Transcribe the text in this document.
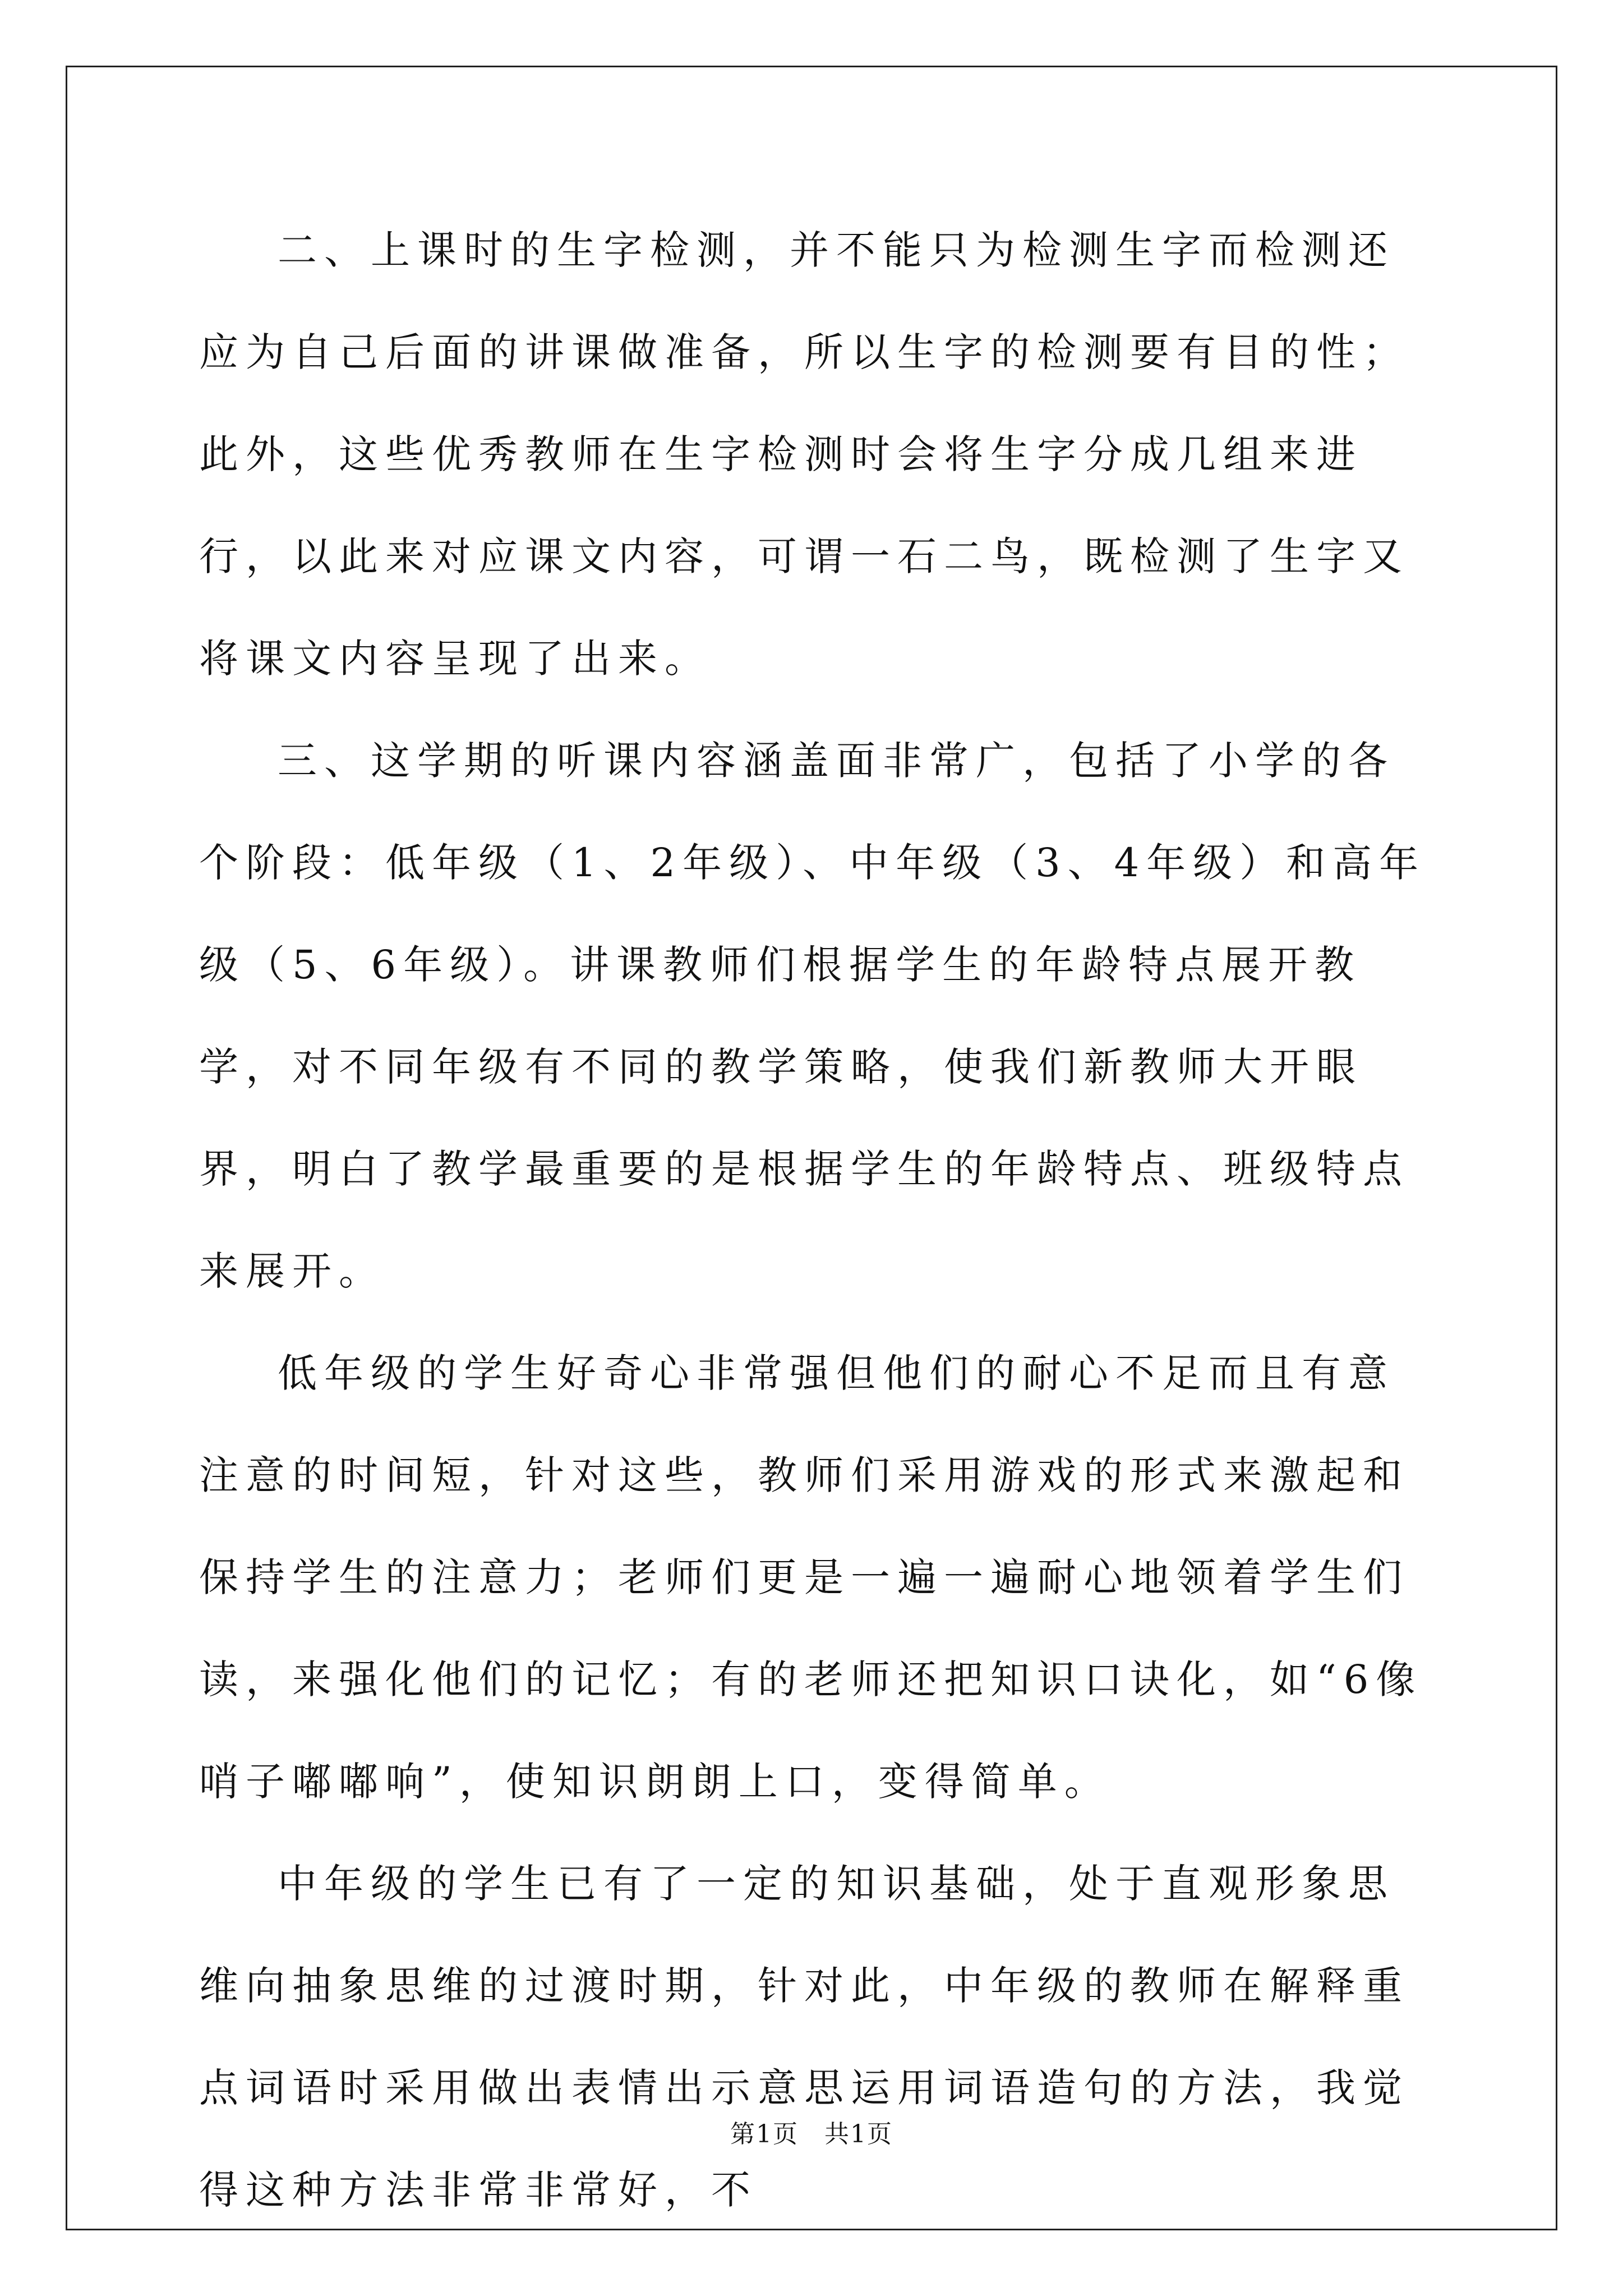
二、上课时的生字检测，并不能只为检测生字而检测还应为自己后面的讲课做准备，所以生字的检测要有目的性；此外，这些优秀教师在生字检测时会将生字分成几组来进行，以此来对应课文内容，可谓一石二鸟，既检测了生字又将课文内容呈现了出来。

三、这学期的听课内容涵盖面非常广，包括了小学的各个阶段：低年级（1、2年级）、中年级（3、4年级）和高年级（5、6年级）。讲课教师们根据学生的年龄特点展开教学，对不同年级有不同的教学策略，使我们新教师大开眼界，明白了教学最重要的是根据学生的年龄特点、班级特点来展开。

低年级的学生好奇心非常强但他们的耐心不足而且有意注意的时间短，针对这些，教师们采用游戏的形式来激起和保持学生的注意力；老师们更是一遍一遍耐心地领着学生们读，来强化他们的记忆；有的老师还把知识口诀化，如“6像哨子嘟嘟响”，使知识朗朗上口，变得简单。

中年级的学生已有了一定的知识基础，处于直观形象思维向抽象思维的过渡时期，针对此，中年级的教师在解释重点词语时采用做出表情出示意思运用词语造句的方法，我觉得这种方法非常非常好，不

第1页　共1页
